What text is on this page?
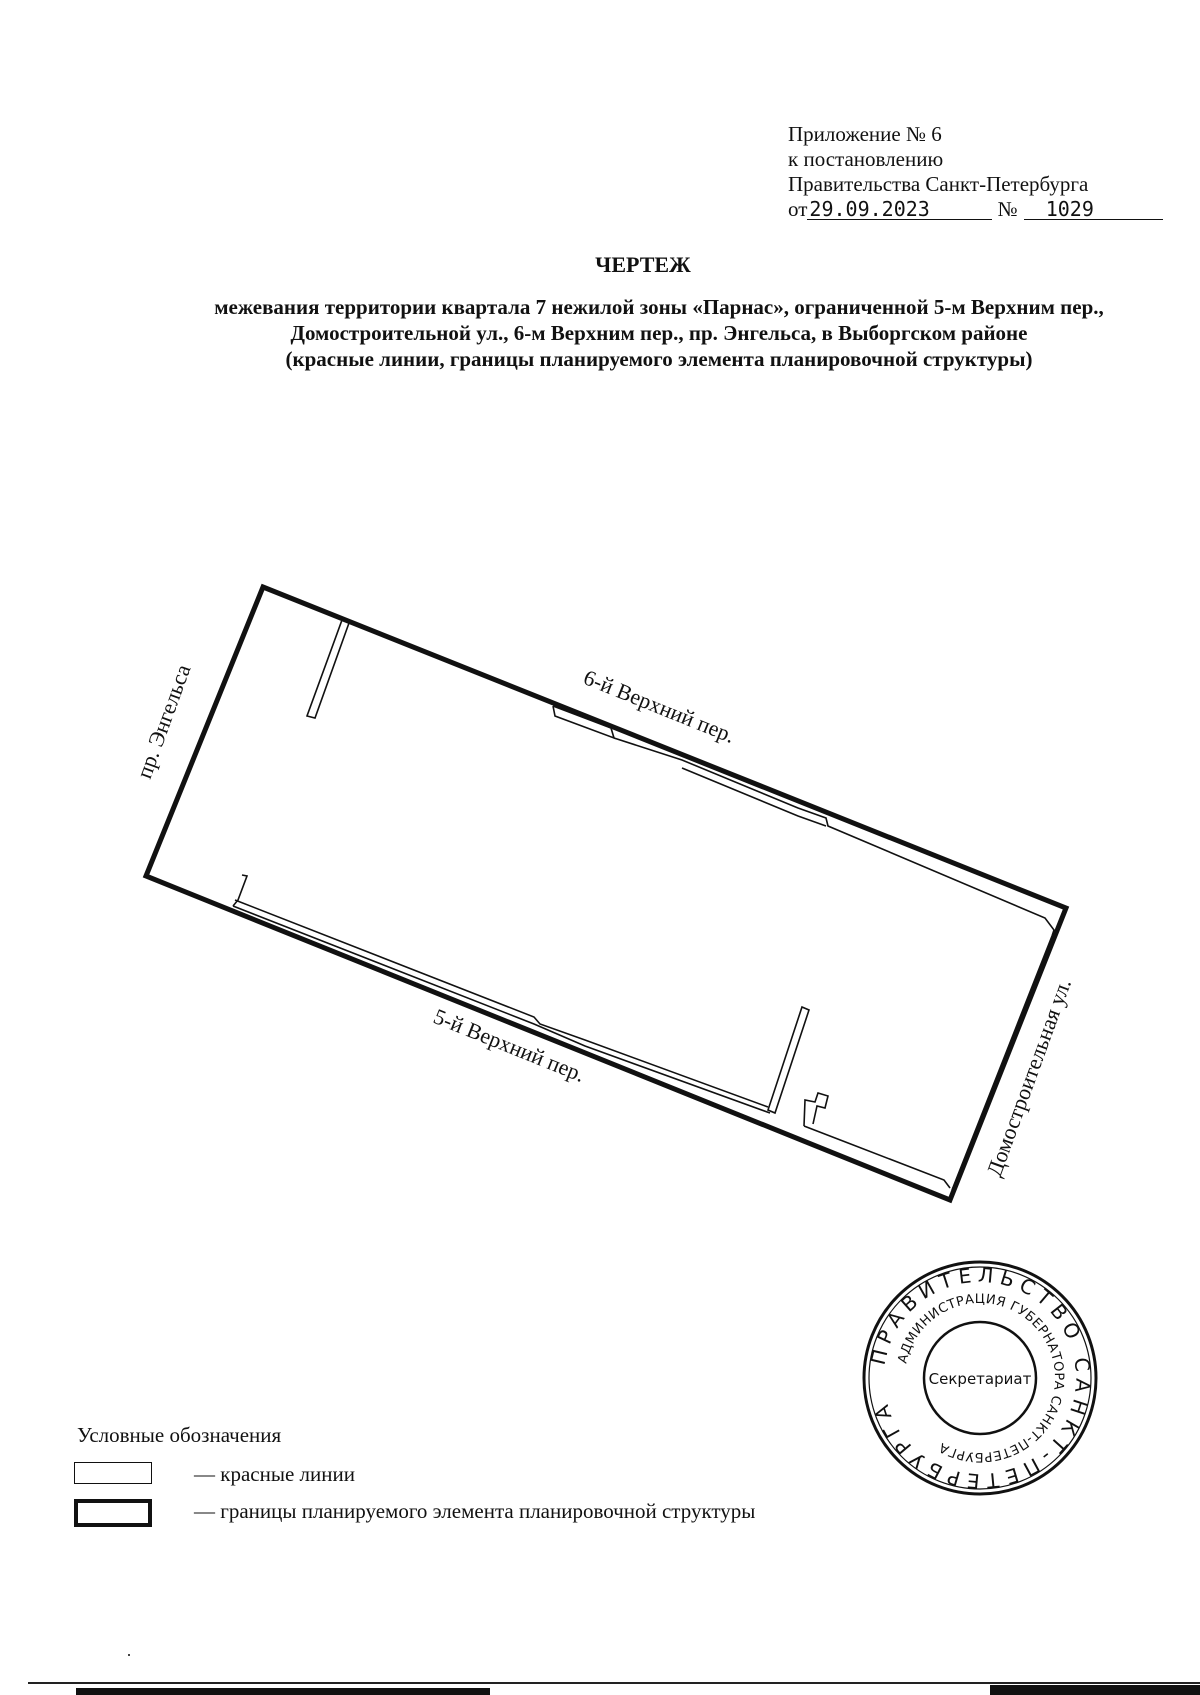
Приложение № 6
к постановлению
Правительства Санкт-Петербурга
от 29.09.2023	№ 1029
ЧЕРТЕЖ
межевания территории квартала 7 нежилой зоны «Парнас», ограниченной 5-м Верхним пер.,
Домостроительной ул., 6-м Верхним пер., пр. Энгельса, в Выборгском районе
(красные линии, границы планируемого элемента планировочной структуры)
пр. Энгельса	6-й Верхний пер.
5-й Верхний пер.	Домостроительная ул.
ПРАВИТЕЛЬСТВО САНКТ-ПЕТЕРБУРГА
АДМИНИСТРАЦИЯ ГУБЕРНАТОРА САНКТ-ПЕТЕРБУРГА
Секретариат
Условные обозначения
— красные линии
— границы планируемого элемента планировочной структуры
